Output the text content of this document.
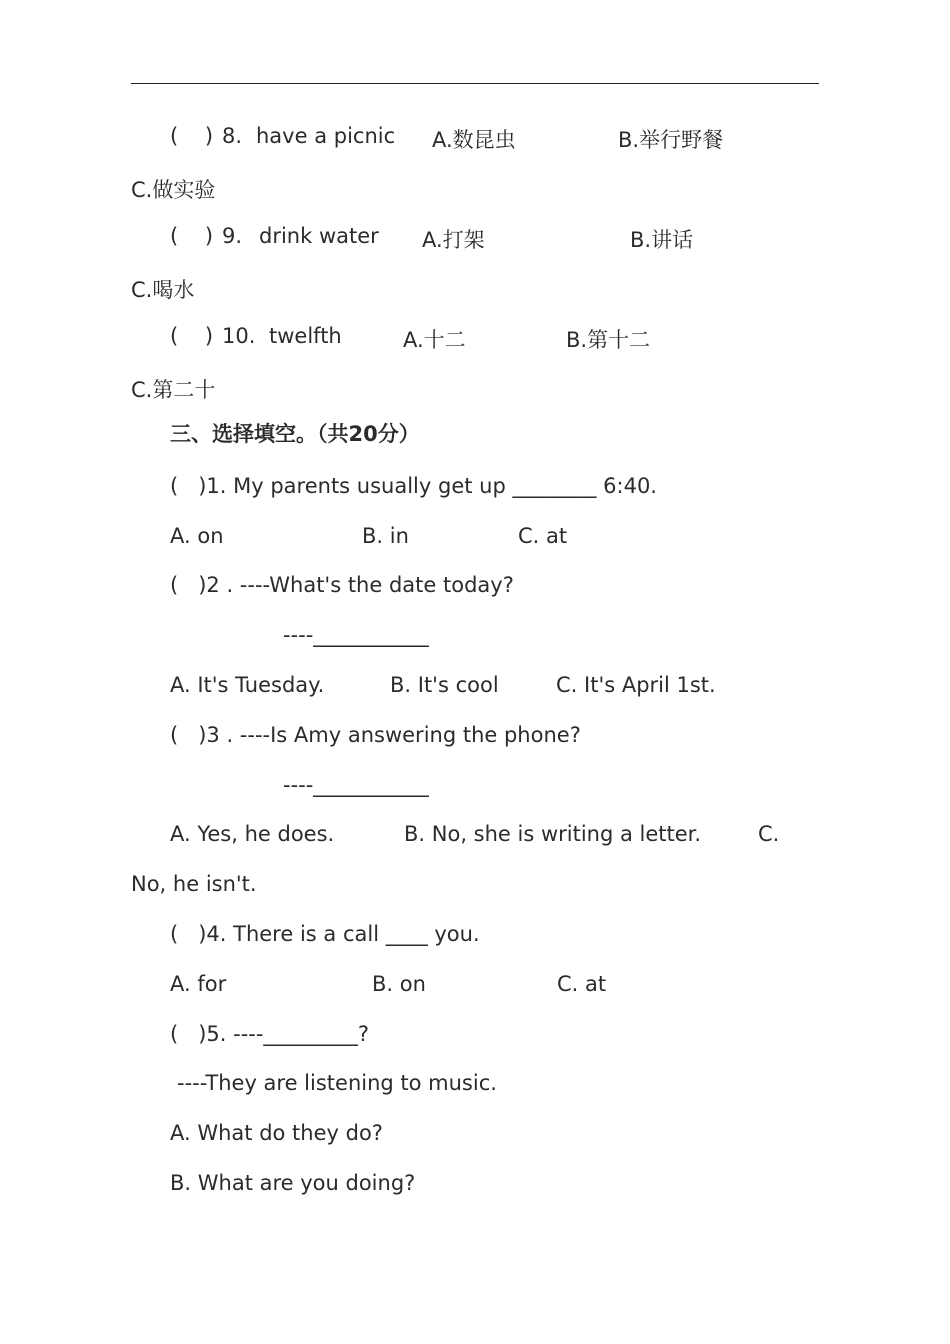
(    ) 8. have a picnic A.数昆虫	B.举行野餐
C.做实验
(    ) 9. drink water A.打架	B.讲话
C.喝水
(    ) 10. twelfth	A.十二	B.第十二
C.第二十
三、选择填空。（共20分）
(   )1. My parents usually get up ________ 6:40.
A. on	B. in	C. at
(   )2 . ----What's the date today?
----___________
A. It's Tuesday.	B. It's cool	C. It's April 1st.
(   )3 . ----Is Amy answering the phone?
----___________
A. Yes, he does.	B. No, she is writing a letter.	C.
No, he isn't.
(   )4. There is a call ____ you.
A. for	B. on	C. at
(   )5. ----_________?
----They are listening to music.
A. What do they do?
B. What are you doing?
